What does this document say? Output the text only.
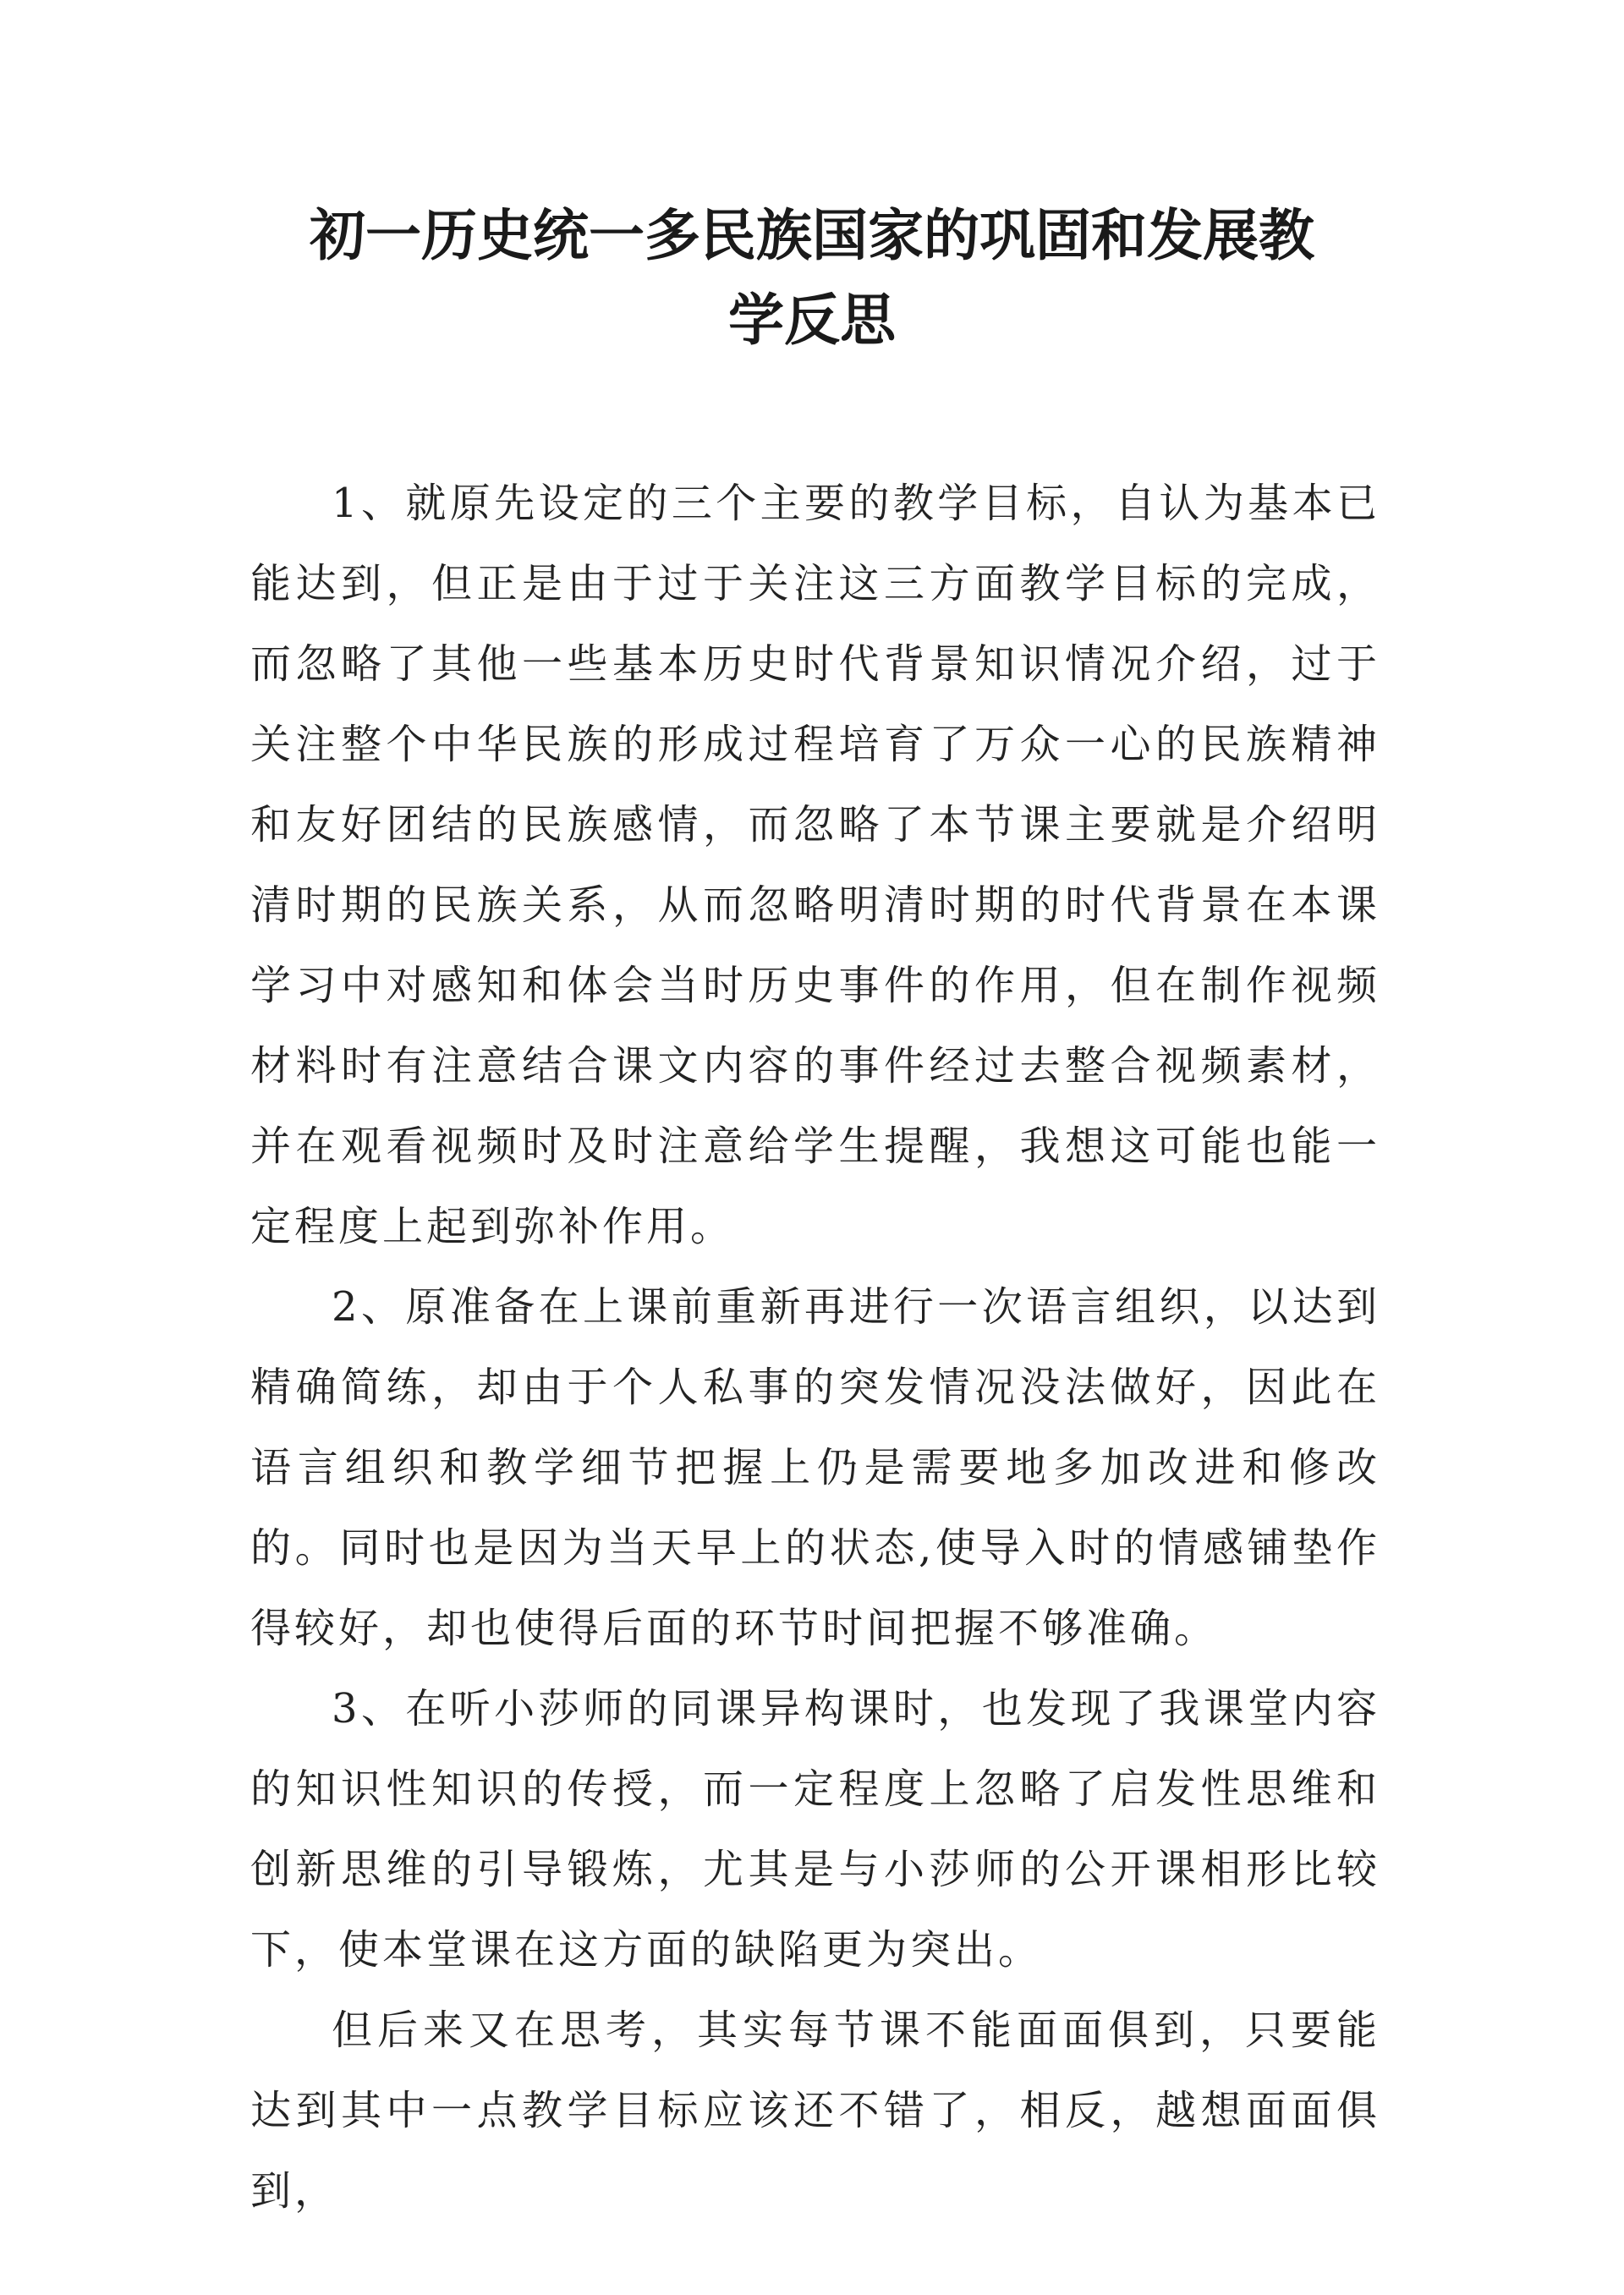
初一历史统一多民族国家的巩固和发展教
学反思

1、就原先设定的三个主要的教学目标，自认为基本已能达到，但正是由于过于关注这三方面教学目标的完成，而忽略了其他一些基本历史时代背景知识情况介绍，过于关注整个中华民族的形成过程培育了万众一心的民族精神和友好团结的民族感情，而忽略了本节课主要就是介绍明清时期的民族关系，从而忽略明清时期的时代背景在本课学习中对感知和体会当时历史事件的作用，但在制作视频材料时有注意结合课文内容的事件经过去整合视频素材，并在观看视频时及时注意给学生提醒，我想这可能也能一定程度上起到弥补作用。

2、原准备在上课前重新再进行一次语言组织，以达到精确简练，却由于个人私事的突发情况没法做好，因此在语言组织和教学细节把握上仍是需要地多加改进和修改的。同时也是因为当天早上的状态,使导入时的情感铺垫作得较好，却也使得后面的环节时间把握不够准确。

3、在听小莎师的同课异构课时，也发现了我课堂内容的知识性知识的传授，而一定程度上忽略了启发性思维和创新思维的引导锻炼，尤其是与小莎师的公开课相形比较下，使本堂课在这方面的缺陷更为突出。

但后来又在思考，其实每节课不能面面俱到，只要能达到其中一点教学目标应该还不错了，相反，越想面面俱到，
